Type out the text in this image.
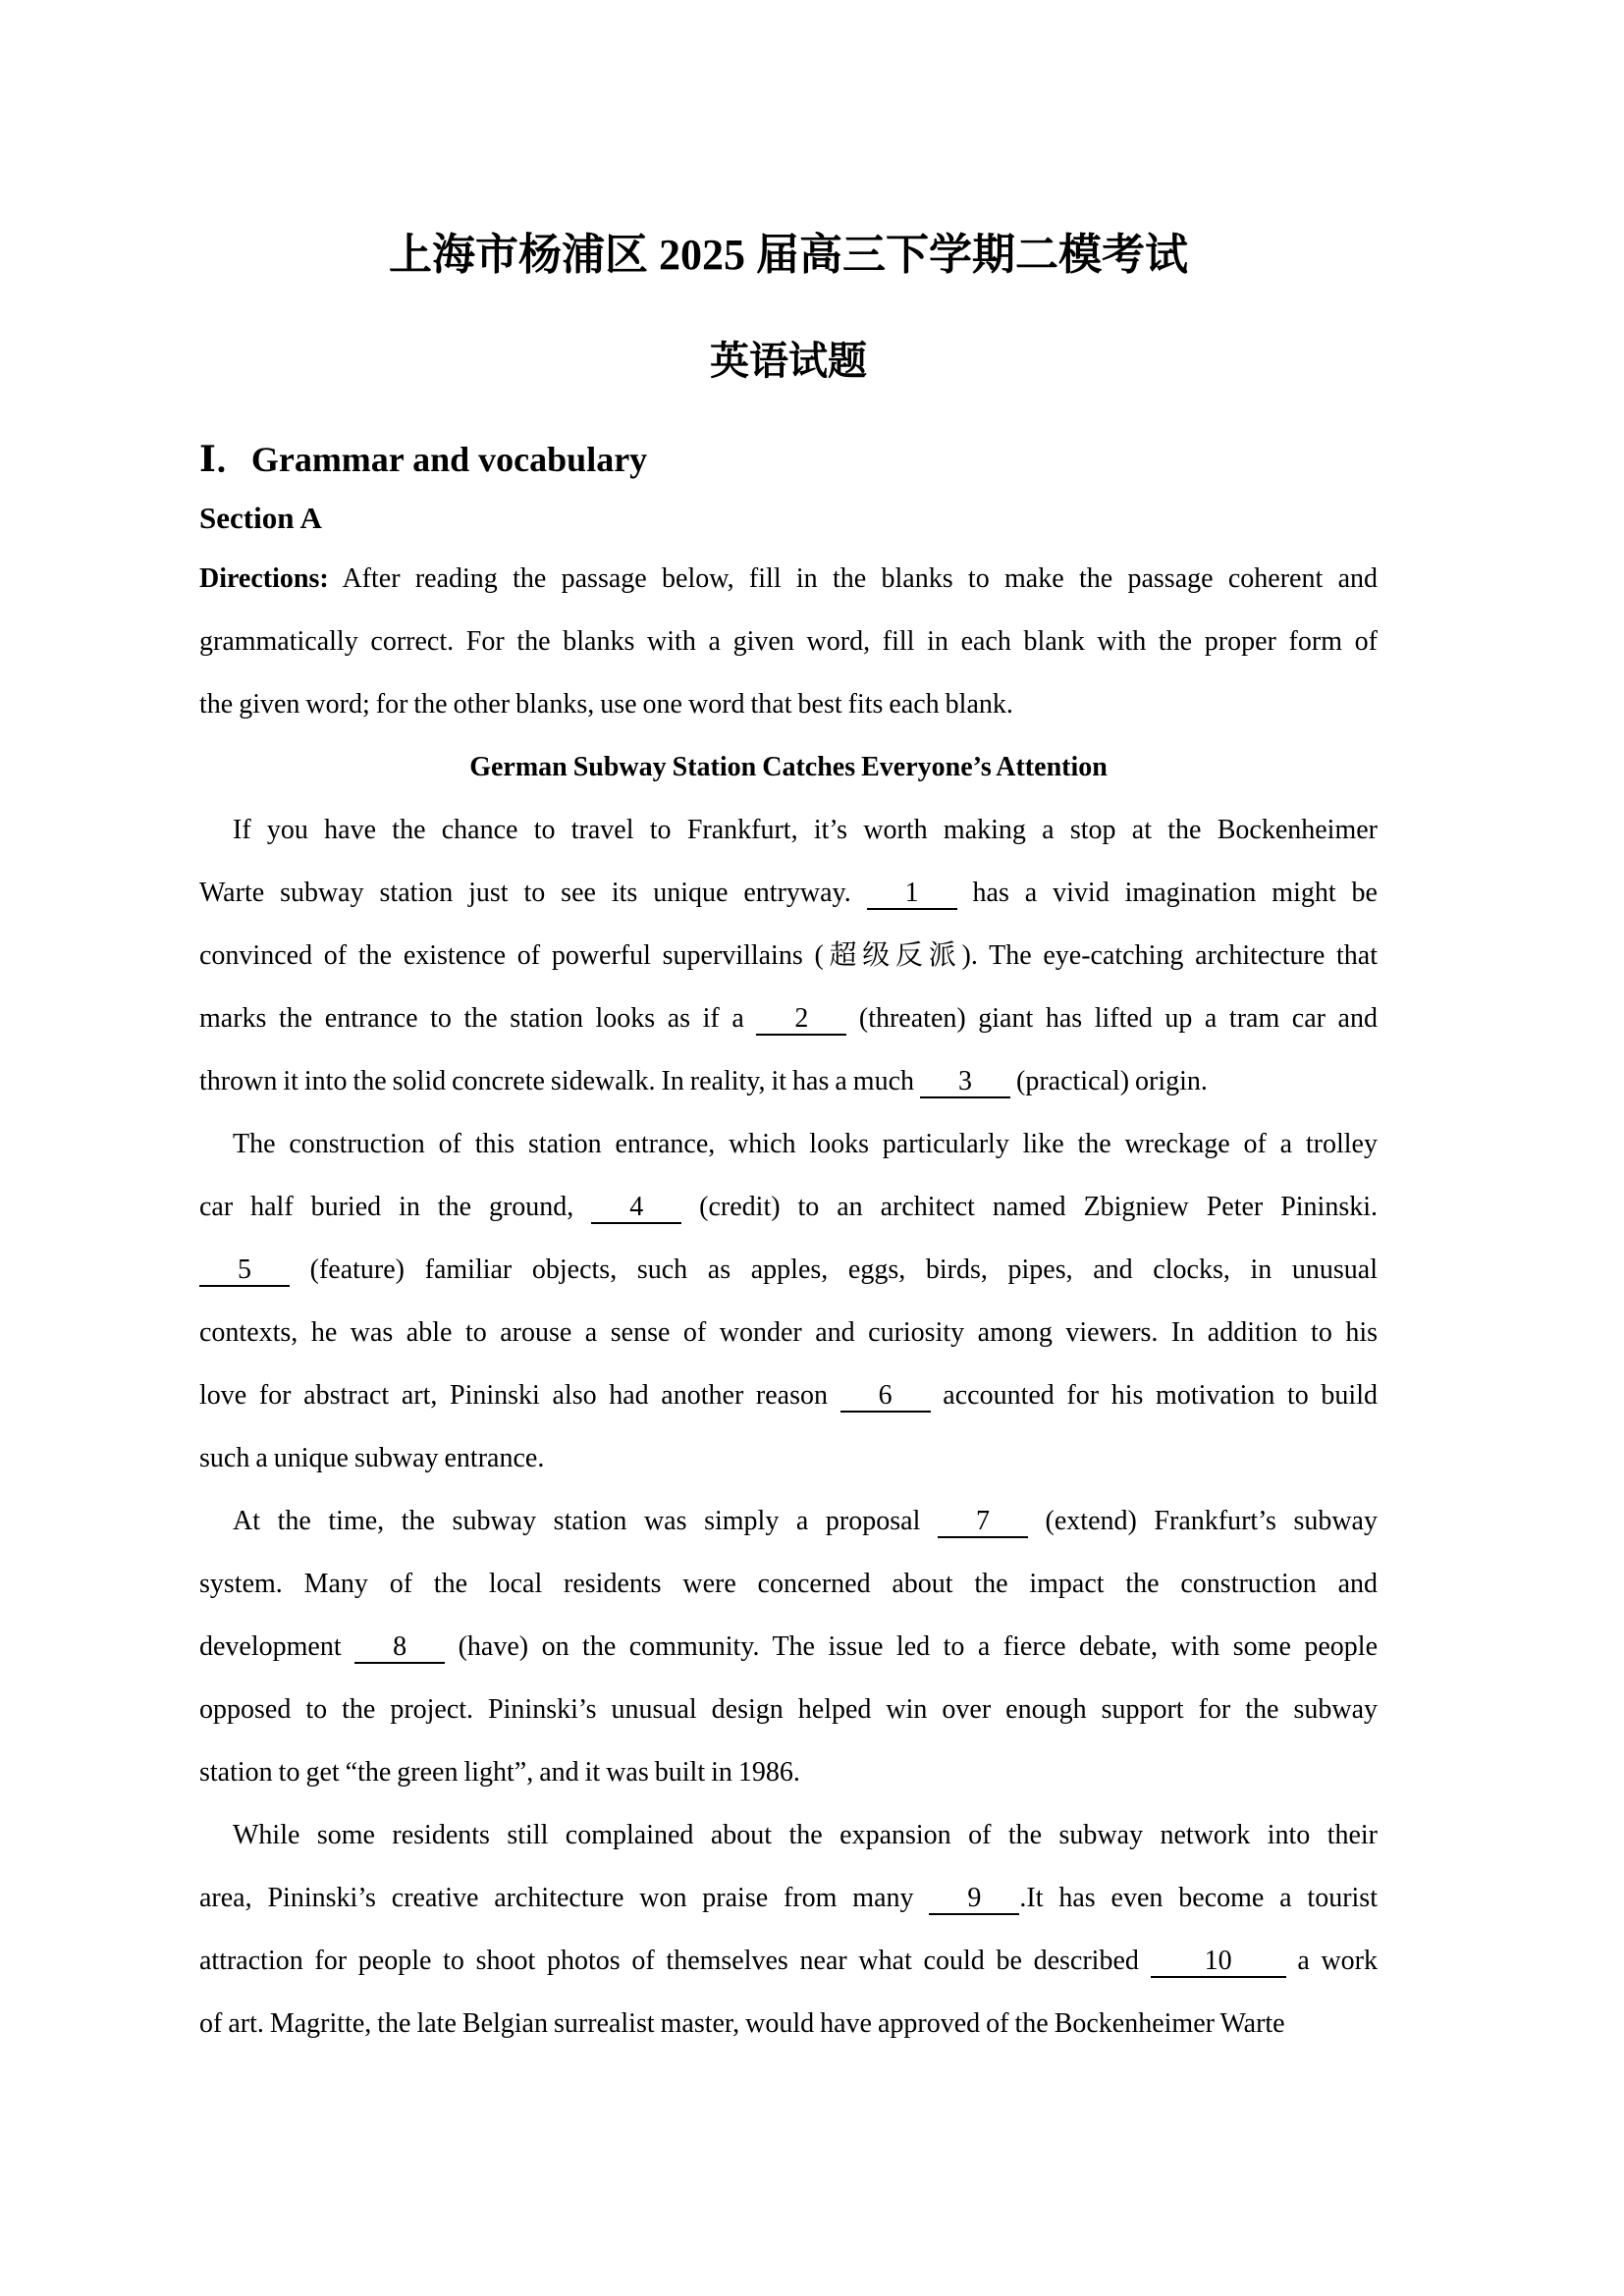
上海市杨浦区 2025 届高三下学期二模考试
英语试题
Ⅰ．Grammar and vocabulary
Section A
Directions: After reading the passage below, fill in the blanks to make the passage coherent and
grammatically correct. For the blanks with a given word, fill in each blank with the proper form of
the given word; for the other blanks, use one word that best fits each blank.
German Subway Station Catches Everyone’s Attention
If you have the chance to travel to Frankfurt, it’s worth making a stop at the Bockenheimer
Warte subway station just to see its unique entryway. 1 has a vivid imagination might be
convinced of the existence of powerful supervillains (超级反派). The eye-catching architecture that
marks the entrance to the station looks as if a 2 (threaten) giant has lifted up a tram car and
thrown it into the solid concrete sidewalk. In reality, it has a much 3 (practical) origin.
The construction of this station entrance, which looks particularly like the wreckage of a trolley
car half buried in the ground, 4 (credit) to an architect named Zbigniew Peter Pininski.
5 (feature) familiar objects, such as apples, eggs, birds, pipes, and clocks, in unusual
contexts, he was able to arouse a sense of wonder and curiosity among viewers. In addition to his
love for abstract art, Pininski also had another reason 6 accounted for his motivation to build
such a unique subway entrance.
At the time, the subway station was simply a proposal 7 (extend) Frankfurt’s subway
system. Many of the local residents were concerned about the impact the construction and
development 8 (have) on the community. The issue led to a fierce debate, with some people
opposed to the project. Pininski’s unusual design helped win over enough support for the subway
station to get “the green light”, and it was built in 1986.
While some residents still complained about the expansion of the subway network into their
area, Pininski’s creative architecture won praise from many 9 .It has even become a tourist
attraction for people to shoot photos of themselves near what could be described 10 a work
of art. Magritte, the late Belgian surrealist master, would have approved of the Bockenheimer Warte
